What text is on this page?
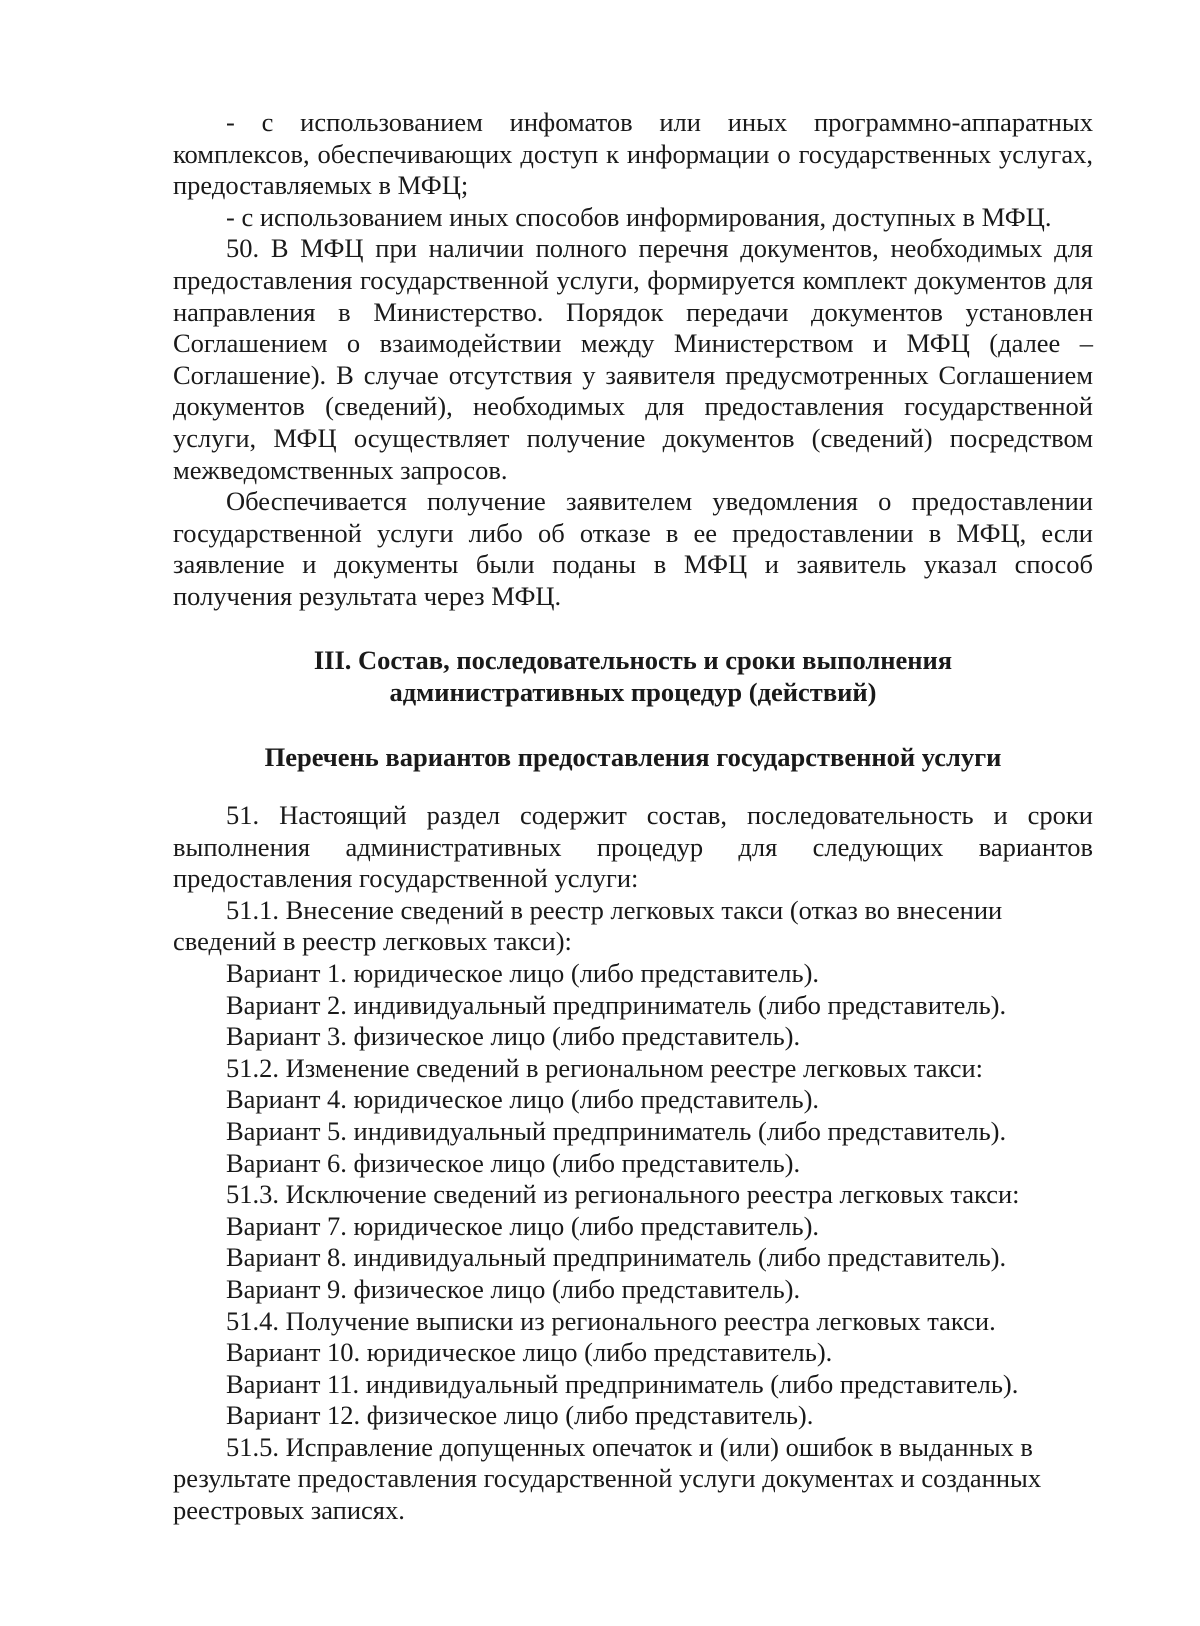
- с использованием инфоматов или иных программно-аппаратных комплексов, обеспечивающих доступ к информации о государственных услугах, предоставляемых в МФЦ;

- с использованием иных способов информирования, доступных в МФЦ.

50. В МФЦ при наличии полного перечня документов, необходимых для предоставления государственной услуги, формируется комплект документов для направления в Министерство. Порядок передачи документов установлен Соглашением о взаимодействии между Министерством и МФЦ (далее – Соглашение). В случае отсутствия у заявителя предусмотренных Соглашением документов (сведений), необходимых для предоставления государственной услуги, МФЦ осуществляет получение документов (сведений) посредством межведомственных запросов.

Обеспечивается получение заявителем уведомления о предоставлении государственной услуги либо об отказе в ее предоставлении в МФЦ, если заявление и документы были поданы в МФЦ и заявитель указал способ получения результата через МФЦ.

III. Состав, последовательность и сроки выполнения

административных процедур (действий)

Перечень вариантов предоставления государственной услуги

51. Настоящий раздел содержит состав, последовательность и сроки выполнения административных процедур для следующих вариантов предоставления государственной услуги:

51.1. Внесение сведений в реестр легковых такси (отказ во внесении сведений в реестр легковых такси):

Вариант 1. юридическое лицо (либо представитель).

Вариант 2. индивидуальный предприниматель (либо представитель).

Вариант 3. физическое лицо (либо представитель).

51.2. Изменение сведений в региональном реестре легковых такси:

Вариант 4. юридическое лицо (либо представитель).

Вариант 5. индивидуальный предприниматель (либо представитель).

Вариант 6. физическое лицо (либо представитель).

51.3. Исключение сведений из регионального реестра легковых такси:

Вариант 7. юридическое лицо (либо представитель).

Вариант 8. индивидуальный предприниматель (либо представитель).

Вариант 9. физическое лицо (либо представитель).

51.4. Получение выписки из регионального реестра легковых такси.

Вариант 10. юридическое лицо (либо представитель).

Вариант 11. индивидуальный предприниматель (либо представитель).

Вариант 12. физическое лицо (либо представитель).

51.5. Исправление допущенных опечаток и (или) ошибок в выданных в результате предоставления государственной услуги документах и созданных реестровых записях.
